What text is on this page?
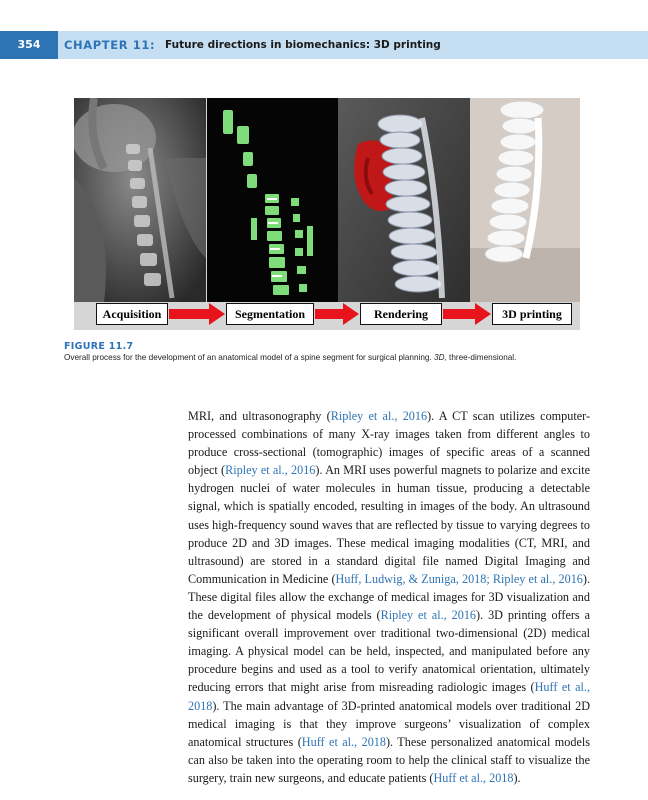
354	CHAPTER 11: Future directions in biomechanics: 3D printing
Acquisition	Segmentation	Rendering	3D printing
FIGURE 11.7
Overall process for the development of an anatomical model of a spine segment for surgical planning. 3D, three-dimensional.

MRI, and ultrasonography (Ripley et al., 2016). A CT scan utilizes computer-processed combinations of many X-ray images taken from different angles to produce cross-sectional (tomographic) images of specific areas of a scanned object (Ripley et al., 2016). An MRI uses powerful magnets to polarize and excite hydrogen nuclei of water molecules in human tissue, producing a detectable signal, which is spatially encoded, resulting in images of the body. An ultrasound uses high-frequency sound waves that are reflected by tissue to varying degrees to produce 2D and 3D images. These medical imaging modalities (CT, MRI, and ultrasound) are stored in a standard digital file named Digital Imaging and Communication in Medicine (Huff, Ludwig, & Zuniga, 2018; Ripley et al., 2016). These digital files allow the exchange of medical images for 3D visualization and the development of physical models (Ripley et al., 2016). 3D printing offers a significant overall improvement over traditional two-dimensional (2D) medical imaging. A physical model can be held, inspected, and manipulated before any procedure begins and used as a tool to verify anatomical orientation, ultimately reducing errors that might arise from misreading radiologic images (Huff et al., 2018). The main advantage of 3D-printed anatomical models over traditional 2D medical imaging is that they improve surgeons’ visualization of complex anatomical structures (Huff et al., 2018). These personalized anatomical models can also be taken into the operating room to help the clinical staff to visualize the surgery, train new surgeons, and educate patients (Huff et al., 2018).
